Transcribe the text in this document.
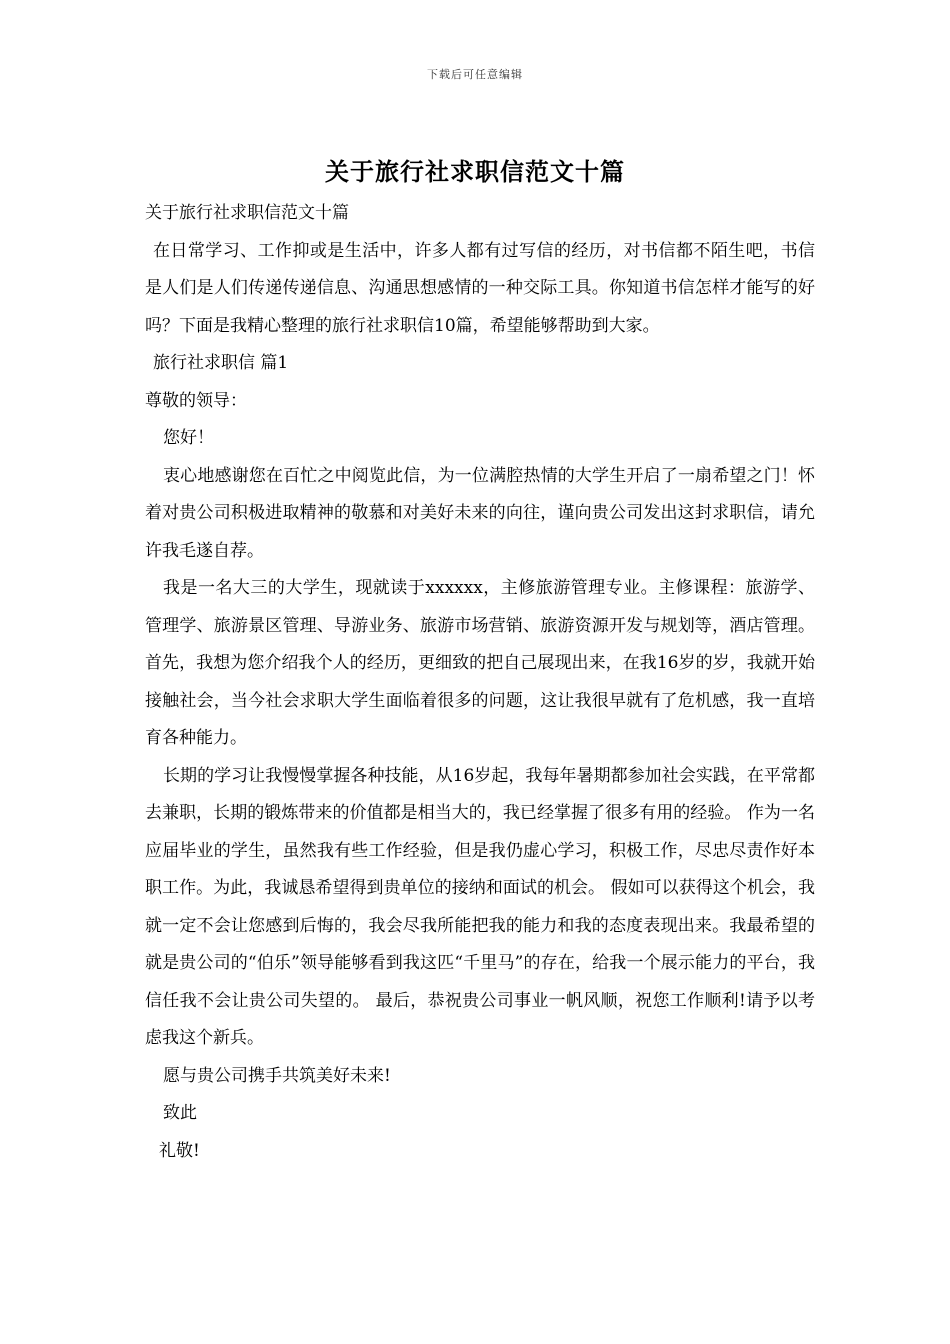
下载后可任意编辑
关于旅行社求职信范文十篇

关于旅行社求职信范文十篇

在日常学习、工作抑或是生活中，许多人都有过写信的经历，对书信都不陌生吧，书信是人们是人们传递传递信息、沟通思想感情的一种交际工具。你知道书信怎样才能写的好吗？下面是我精心整理的旅行社求职信10篇，希望能够帮助到大家。

旅行社求职信 篇1

尊敬的领导：

您好！

衷心地感谢您在百忙之中阅览此信，为一位满腔热情的大学生开启了一扇希望之门！怀着对贵公司积极进取精神的敬慕和对美好未来的向往，谨向贵公司发出这封求职信，请允许我毛遂自荐。

我是一名大三的大学生，现就读于xxxxxx，主修旅游管理专业。主修课程：旅游学、管理学、旅游景区管理、导游业务、旅游市场营销、旅游资源开发与规划等，酒店管理。 首先，我想为您介绍我个人的经历，更细致的把自己展现出来，在我16岁的岁，我就开始接触社会，当今社会求职大学生面临着很多的问题，这让我很早就有了危机感，我一直培育各种能力。

长期的学习让我慢慢掌握各种技能，从16岁起，我每年暑期都参加社会实践，在平常都去兼职，长期的锻炼带来的价值都是相当大的，我已经掌握了很多有用的经验。 作为一名应届毕业的学生，虽然我有些工作经验，但是我仍虚心学习，积极工作，尽忠尽责作好本职工作。为此，我诚恳希望得到贵单位的接纳和面试的机会。 假如可以获得这个机会，我就一定不会让您感到后悔的，我会尽我所能把我的能力和我的态度表现出来。我最希望的就是贵公司的“伯乐”领导能够看到我这匹“千里马”的存在，给我一个展示能力的平台，我信任我不会让贵公司失望的。 最后，恭祝贵公司事业一帆风顺，祝您工作顺利!请予以考虑我这个新兵。

愿与贵公司携手共筑美好未来!

致此

礼敬!
